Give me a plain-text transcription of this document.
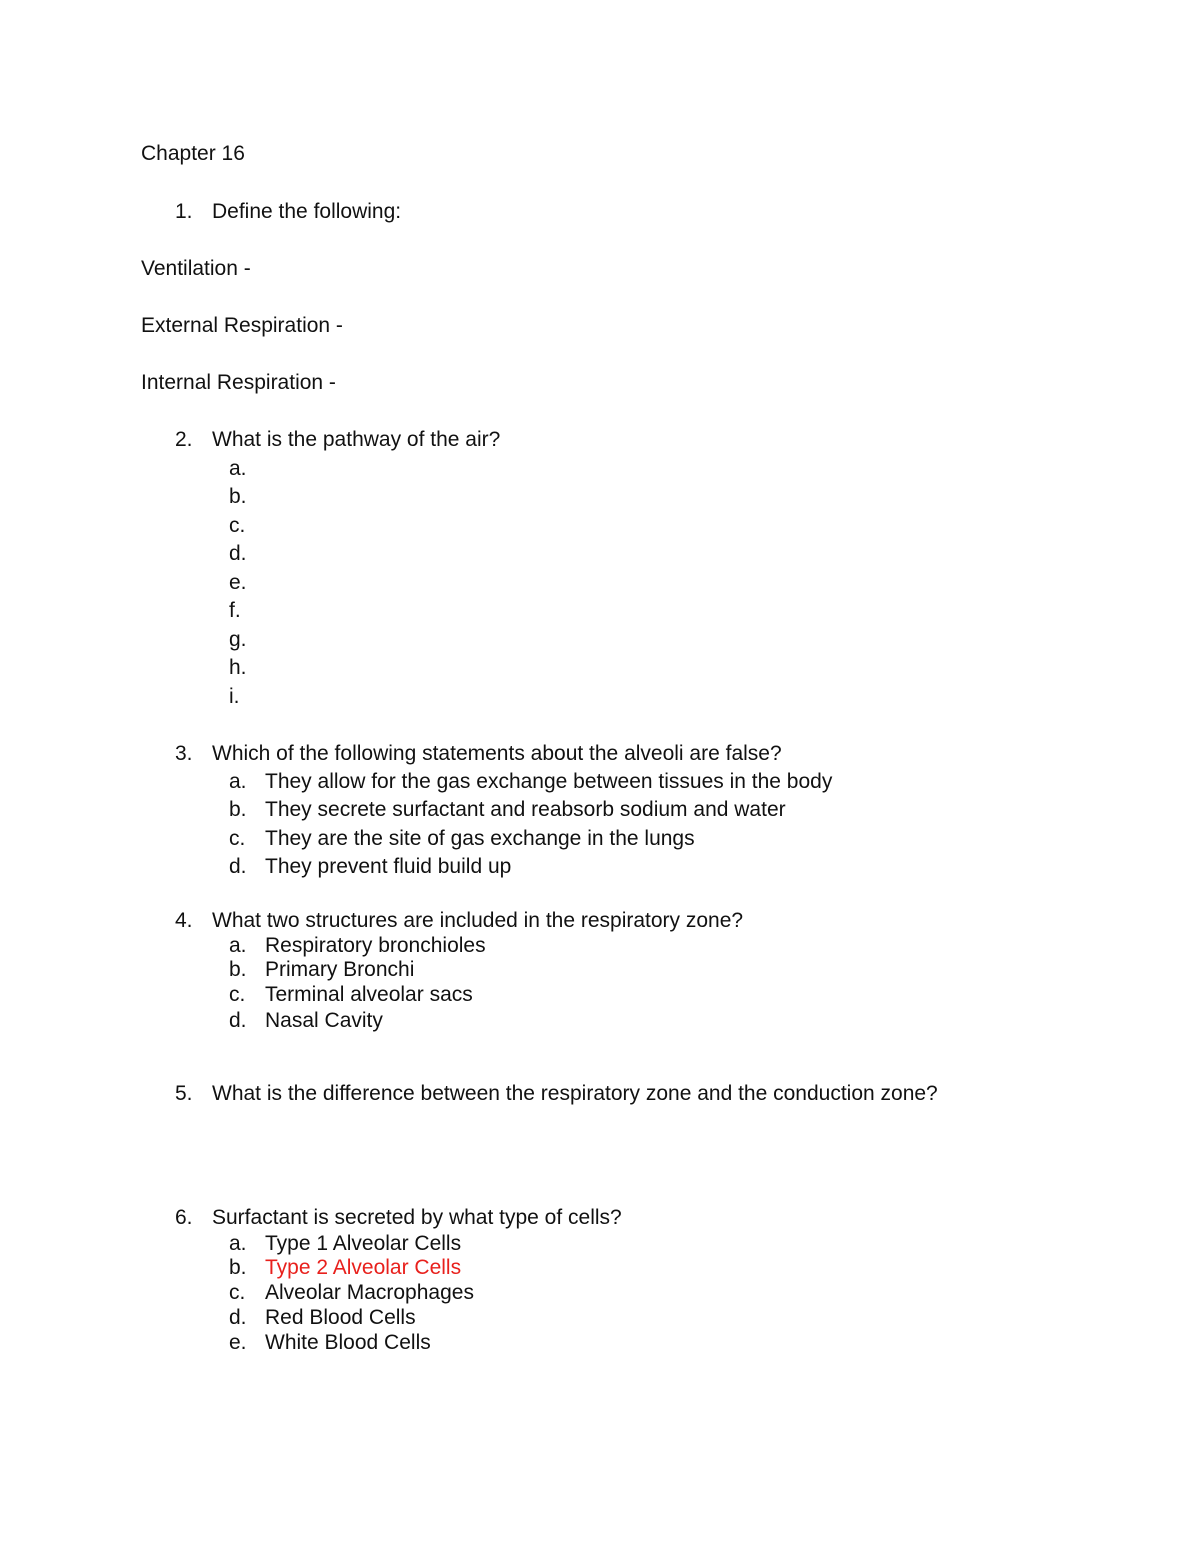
Chapter 16

1. Define the following:

Ventilation -

External Respiration -

Internal Respiration -

2. What is the pathway of the air?

a.

b.

c.

d.

e.

f.

g.

h.

i.

3. Which of the following statements about the alveoli are false?

a. They allow for the gas exchange between tissues in the body

b. They secrete surfactant and reabsorb sodium and water

c. They are the site of gas exchange in the lungs

d. They prevent fluid build up

4. What two structures are included in the respiratory zone?

a. Respiratory bronchioles

b. Primary Bronchi

c. Terminal alveolar sacs

d. Nasal Cavity

5. What is the difference between the respiratory zone and the conduction zone?

6. Surfactant is secreted by what type of cells?

a. Type 1 Alveolar Cells

b. Type 2 Alveolar Cells

c. Alveolar Macrophages

d. Red Blood Cells

e. White Blood Cells
